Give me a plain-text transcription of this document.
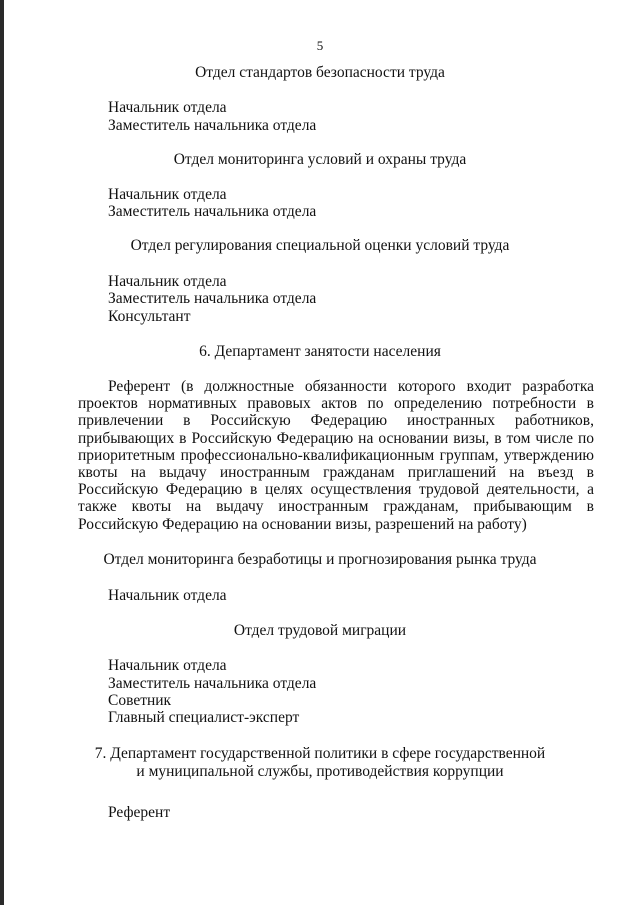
5
Отдел стандартов безопасности труда
Начальник отдела
Заместитель начальника отдела
Отдел мониторинга условий и охраны труда
Начальник отдела
Заместитель начальника отдела
Отдел регулирования специальной оценки условий труда
Начальник отдела
Заместитель начальника отдела
Консультант
6. Департамент занятости населения
Референт (в должностные обязанности которого входит разработка проектов нормативных правовых актов по определению потребности в привлечении в Российскую Федерацию иностранных работников, прибывающих в Российскую Федерацию на основании визы, в том числе по приоритетным профессионально-квалификационным группам, утверждению квоты на выдачу иностранным гражданам приглашений на въезд в Российскую Федерацию в целях осуществления трудовой деятельности, а также квоты на выдачу иностранным гражданам, прибывающим в Российскую Федерацию на основании визы, разрешений на работу)
Отдел мониторинга безработицы и прогнозирования рынка труда
Начальник отдела
Отдел трудовой миграции
Начальник отдела
Заместитель начальника отдела
Советник
Главный специалист-эксперт
7. Департамент государственной политики в сфере государственной
и муниципальной службы, противодействия коррупции
Референт
